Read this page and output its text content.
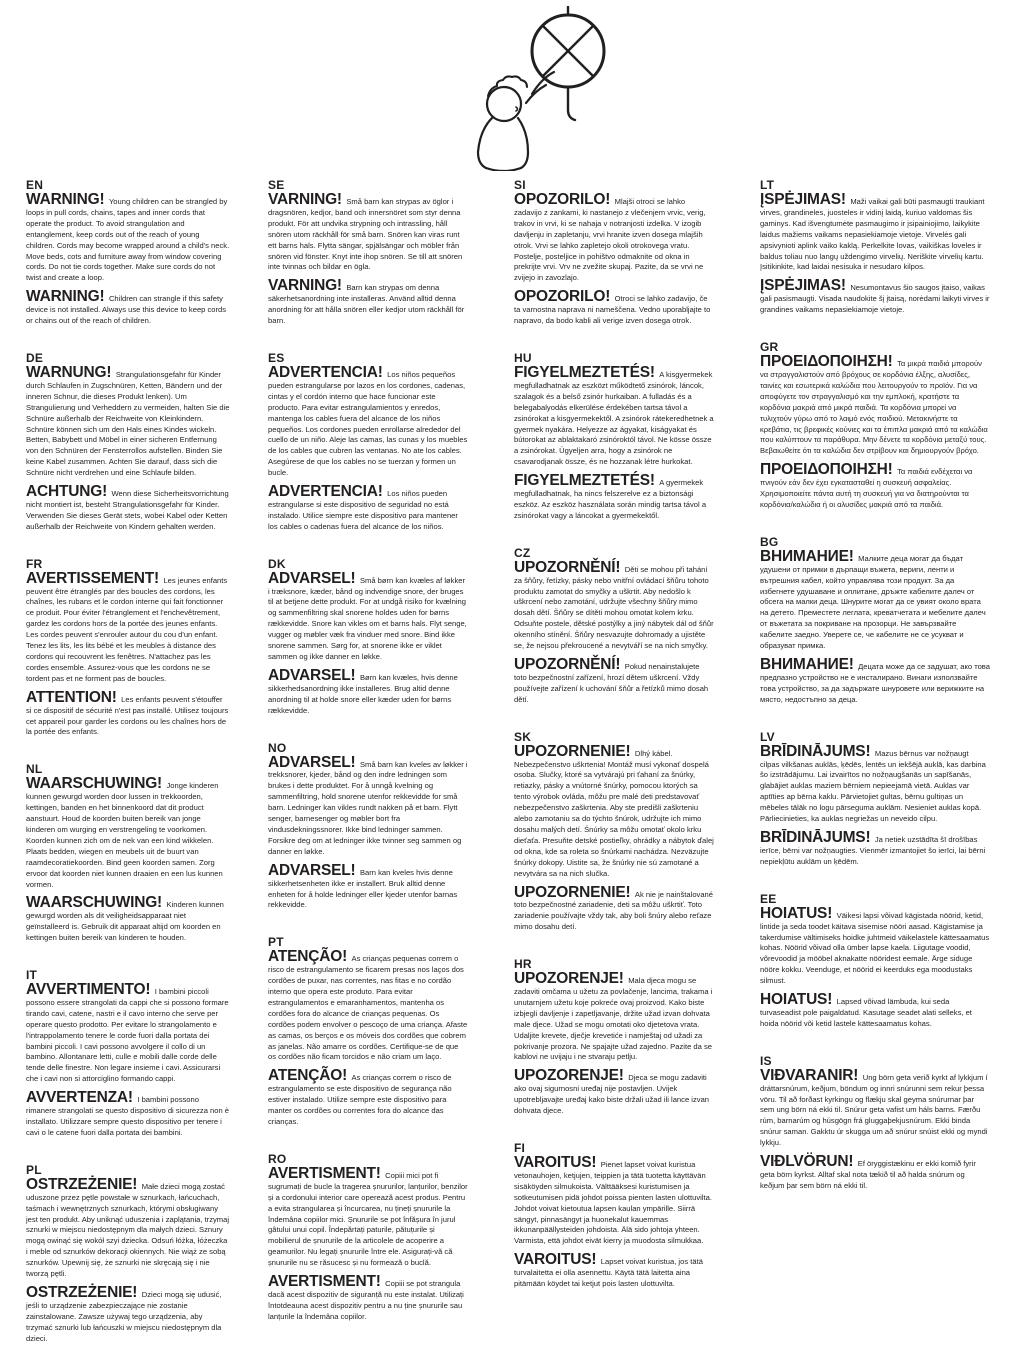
EN

WARNING! Young children can be strangled by loops in pull cords, chains, tapes and inner cords that operate the product. To avoid strangulation and entanglement, keep cords out of the reach of young children. Cords may become wrapped around a child's neck. Move beds, cots and furniture away from window covering cords. Do not tie cords together. Make sure cords do not twist and create a loop.

WARNING! Children can strangle if this safety device is not installed. Always use this device to keep cords or chains out of the reach of children.

DE

WARNUNG! Strangulationsgefahr für Kinder durch Schlaufen in Zugschnüren, Ketten, Bändern und der inneren Schnur, die dieses Produkt lenken). Um Strangulierung und Verheddern zu vermeiden, halten Sie die Schnüre außerhalb der Reichweite von Kleinkindern. Schnüre können sich um den Hals eines Kindes wickeln. Betten, Babybett und Möbel in einer sicheren Entfernung von den Schnüren der Fensterrollos aufstellen. Binden Sie keine Kabel zusammen. Achten Sie darauf, dass sich die Schnüre nicht verdrehen und eine Schlaufe bilden.

ACHTUNG! Wenn diese Sicherheitsvorrichtung nicht montiert ist, besteht Strangulationsgefahr für Kinder. Verwenden Sie dieses Gerät stets, wobei Kabel oder Ketten außerhalb der Reichweite von Kindern gehalten werden.

FR

AVERTISSEMENT! Les jeunes enfants peuvent être étranglés par des boucles des cordons, les chaînes, les rubans et le cordon interne qui fait fonctionner ce produit. Pour éviter l'étranglement et l'enchevêtrement, gardez les cordons hors de la portée des jeunes enfants. Les cordes peuvent s'enrouler autour du cou d'un enfant. Tenez les lits, les lits bébé et les meubles à distance des cordons qui recouvrent les fenêtres. N'attachez pas les cordes ensemble. Assurez-vous que les cordons ne se tordent pas et ne forment pas de boucles.

ATTENTION! Les enfants peuvent s'étouffer si ce dispositif de sécurité n'est pas installé. Utilisez toujours cet appareil pour garder les cordons ou les chaînes hors de la portée des enfants.

NL

WAARSCHUWING! Jonge kinderen kunnen gewurgd worden door lussen in trekkoorden, kettingen, banden en het binnenkoord dat dit product aanstuurt. Houd de koorden buiten bereik van jonge kinderen om wurging en verstrengeling te voorkomen. Koorden kunnen zich om de nek van een kind wikkelen. Plaats bedden, wiegen en meubels uit de buurt van raamdecoratiekoorden. Bind geen koorden samen. Zorg ervoor dat koorden niet kunnen draaien en een lus kunnen vormen.

WAARSCHUWING! Kinderen kunnen gewurgd worden als dit veiligheidsapparaat niet geïnstalleerd is. Gebruik dit apparaat altijd om koorden en kettingen buiten bereik van kinderen te houden.

IT

AVVERTIMENTO! I bambini piccoli possono essere strangolati da cappi che si possono formare tirando cavi, catene, nastri e il cavo interno che serve per operare questo prodotto. Per evitare lo strangolamento e l'intrappolamento tenere le corde fuori dalla portata dei bambini piccoli. I cavi possono avvolgere il collo di un bambino. Allontanare letti, culle e mobili dalle corde delle tende delle finestre. Non legare insieme i cavi. Assicurarsi che i cavi non si attorciglino formando cappi.

AVVERTENZA! I bambini possono rimanere strangolati se questo dispositivo di sicurezza non è installato. Utilizzare sempre questo dispositivo per tenere i cavi o le catene fuori dalla portata dei bambini.

PL

OSTRZEŻENIE! Małe dzieci mogą zostać uduszone przez pętle powstałe w sznurkach, łańcuchach, taśmach i wewnętrznych sznurkach, którymi obsługiwany jest ten produkt. Aby uniknąć uduszenia i zaplątania, trzymaj sznurki w miejscu niedostępnym dla małych dzieci. Sznury mogą owinąć się wokół szyi dziecka. Odsuń łóżka, łóżeczka i meble od sznurków dekoracji okiennych. Nie wiąż ze sobą sznurków. Upewnij się, że sznurki nie skręcają się i nie tworzą pętli.

OSTRZEŻENIE! Dzieci mogą się udusić, jeśli to urządzenie zabezpieczające nie zostanie zainstalowane. Zawsze używaj tego urządzenia, aby trzymać sznurki lub łańcuszki w miejscu niedostępnym dla dzieci.

SE

VARNING! Små barn kan strypas av öglor i dragsnören, kedjor, band och innersnöret som styr denna produkt. För att undvika strypning och intrassling, håll snören utom räckhåll för små barn. Snören kan viras runt ett barns hals. Flytta sängar, spjälsängar och möbler från snören vid fönster. Knyt inte ihop snören. Se till att snören inte tvinnas och bildar en ögla.

VARNING! Barn kan strypas om denna säkerhetsanordning inte installeras. Använd alltid denna anordning för att hålla snören eller kedjor utom räckhåll för barn.

ES

ADVERTENCIA! Los niños pequeños pueden estrangularse por lazos en los cordones, cadenas, cintas y el cordón interno que hace funcionar este producto. Para evitar estrangulamientos y enredos, mantenga los cables fuera del alcance de los niños pequeños. Los cordones pueden enrollarse alrededor del cuello de un niño. Aleje las camas, las cunas y los muebles de los cables que cubren las ventanas. No ate los cables. Asegúrese de que los cables no se tuerzan y formen un bucle.

ADVERTENCIA! Los niños pueden estrangularse si este dispositivo de seguridad no está instalado. Utilice siempre este dispositivo para mantener los cables o cadenas fuera del alcance de los niños.

DK

ADVARSEL! Små børn kan kvæles af løkker i træksnore, kæder, bånd og indvendige snore, der bruges til at betjene dette produkt. For at undgå risiko for kvælning og sammenfiltring skal snorene holdes uden for børns rækkevidde. Snore kan vikles om et barns hals. Flyt senge, vugger og møbler væk fra vinduer med snore. Bind ikke snorene sammen. Sørg for, at snorene ikke er viklet sammen og ikke danner en løkke.

ADVARSEL! Børn kan kvæles, hvis denne sikkerhedsanordning ikke installeres. Brug altid denne anordning til at holde snore eller kæder uden for børns rækkevidde.

NO

ADVARSEL! Små barn kan kveles av løkker i trekksnorer, kjeder, bånd og den indre ledningen som brukes i dette produktet. For å unngå kvelning og sammenfiltring, hold snorene utenfor rekkevidde for små barn. Ledninger kan vikles rundt nakken på et barn. Flytt senger, barnesenger og møbler bort fra vindusdekningssnorer. Ikke bind ledninger sammen. Forsikre deg om at ledninger ikke tvinner seg sammen og danner en løkke.

ADVARSEL! Barn kan kveles hvis denne sikkerhetsenheten ikke er installert. Bruk alltid denne enheten for å holde ledninger eller kjeder utenfor barnas rekkevidde.

PT

ATENÇÃO! As crianças pequenas correm o risco de estrangulamento se ficarem presas nos laços dos cordões de puxar, nas correntes, nas fitas e no cordão interno que opera este produto. Para evitar estrangulamentos e emaranhamentos, mantenha os cordões fora do alcance de crianças pequenas. Os cordões podem envolver o pescoço de uma criança. Afaste as camas, os berços e os móveis dos cordões que cobrem as janelas. Não amarre os cordões. Certifique-se de que os cordões não ficam torcidos e não criam um laço.

ATENÇÃO! As crianças correm o risco de estrangulamento se este dispositivo de segurança não estiver instalado. Utilize sempre este dispositivo para manter os cordões ou correntes fora do alcance das crianças.

RO

AVERTISMENT! Copiii mici pot fi sugrumați de bucle la tragerea șnururilor, lanțurilor, benzilor și a cordonului interior care operează acest produs. Pentru a evita strangularea și încurcarea, nu țineți șnururile la îndemâna copiilor mici. Șnururile se pot înfășura în jurul gâtului unui copil. Îndepărtați paturile, pătuțurile și mobilierul de șnururile de la articolele de acoperire a geamurilor. Nu legați șnururile între ele. Asigurați-vă că șnururile nu se răsucesc și nu formează o buclă.

AVERTISMENT! Copiii se pot strangula dacă acest dispozitiv de siguranță nu este instalat. Utilizați întotdeauna acest dispozitiv pentru a nu ține șnururile sau lanțurile la îndemâna copiilor.

SI

OPOZORILO! Mlajši otroci se lahko zadavijo z zankami, ki nastanejo z vlečenjem vrvic, verig, trakov in vrvi, ki se nahaja v notranjosti izdelka. V izogib davljenju in zapletanju, vrvi hranite izven dosega mlajših otrok. Vrvi se lahko zapletejo okoli otrokovega vratu. Postelje, posteljice in pohištvo odmaknite od okna in prekrijte vrvi. Vrv ne zvežite skupaj. Pazite, da se vrvi ne zvijejo in zavozlajo.

OPOZORILO! Otroci se lahko zadavijo, če ta varnostna naprava ni nameščena. Vedno uporabljajte to napravo, da bodo kabli ali verige izven dosega otrok.

HU

FIGYELMEZTETÉS! A kisgyermekek megfulladhatnak az eszközt működtető zsinórok, láncok, szalagok és a belső zsinór hurkaiban. A fulladás és a belegabalyodás elkerülése érdekében tartsa távol a zsinórokat a kisgyermekektől. A zsinórok rátekeredhetnek a gyermek nyakára. Helyezze az ágyakat, kiságyakat és bútorokat az ablaktakaró zsinóroktól távol. Ne kösse össze a zsinórokat. Ügyeljen arra, hogy a zsinórok ne csavarodjanak össze, és ne hozzanak létre hurkokat.

FIGYELMEZTETÉS! A gyermekek megfulladhatnak, ha nincs felszerelve ez a biztonsági eszköz. Az eszköz használata során mindig tartsa távol a zsinórokat vagy a láncokat a gyermekektől.

CZ

UPOZORNĚNÍ! Děti se mohou při tahání za šňůry, řetízky, pásky nebo vnitřní ovládací šňůru tohoto produktu zamotat do smyčky a uškrtit. Aby nedošlo k uškrcení nebo zamotání, udržujte všechny šňůry mimo dosah dětí. Šňůry se dítěti mohou omotat kolem krku. Odsuňte postele, dětské postýlky a jiný nábytek dál od šňůr okenního stínění. Šňůry nesvazujte dohromady a ujistěte se, že nejsou překroucené a nevytváří se na nich smyčky.

UPOZORNĚNÍ! Pokud nenainstalujete toto bezpečnostní zařízení, hrozí dětem uškrcení. Vždy používejte zařízení k uchování šňůr a řetízků mimo dosah dětí.

SK

UPOZORNENIE! Dlhý kábel. Nebezpečenstvo uškrtenia! Montáž musí vykonať dospelá osoba. Slučky, ktoré sa vytvárajú pri ťahaní za šnúrky, retiazky, pásky a vnútorné šnúrky, pomocou ktorých sa tento výrobok ovláda, môžu pre malé deti predstavovať nebezpečenstvo zaškrtenia. Aby ste predišli zaškrteniu alebo zamotaniu sa do týchto šnúrok, udržujte ich mimo dosahu malých detí. Šnúrky sa môžu omotať okolo krku dieťaťa. Presuňte detské postieľky, ohrádky a nábytok ďalej od okna, kde sa roleta so šnúrkami nachádza. Nezväzujte šnúrky dokopy. Uistite sa, že šnúrky nie sú zamotané a nevytvára sa na nich slučka.

UPOZORNENIE! Ak nie je nainštalované toto bezpečnostné zariadenie, deti sa môžu uškrtiť. Toto zariadenie používajte vždy tak, aby boli šnúry alebo reťaze mimo dosahu detí.

HR

UPOZORENJE! Mala djeca mogu se zadaviti omčama u užetu za povlačenje, lancima, trakama i unutarnjem užetu koje pokreće ovaj proizvod. Kako biste izbjegli davljenje i zapetljavanje, držite užad izvan dohvata male djece. Užad se mogu omotati oko djetetova vrata. Udaljite krevete, dječje krevetiće i namještaj od užadi za pokrivanje prozora. Ne spajajte užad zajedno. Pazite da se kablovi ne uvijaju i ne stvaraju petlju.

UPOZORENJE! Djeca se mogu zadaviti ako ovaj sigurnosni uređaj nije postavljen. Uvijek upotrebljavajte uređaj kako biste držali užad ili lance izvan dohvata djece.

FI

VAROITUS! Pienet lapset voivat kuristua vetonauhojen, ketjujen, teippien ja tätä tuotetta käyttävän sisäköyden silmukoista. Välttääksesi kuristumisen ja sotkeutumisen pidä johdot poissa pienten lasten ulottuvilta. Johdot voivat kietoutua lapsen kaulan ympärille. Siirrä sängyt, pinnasängyt ja huonekalut kauemmas ikkunanpäällysteiden johdoista. Älä sido johtoja yhteen. Varmista, että johdot eivät kierry ja muodosta silmukkaa.

VAROITUS! Lapset voivat kuristua, jos tätä turvalaitetta ei olla asennettu. Käytä tätä laitetta aina pitämään köydet tai ketjut pois lasten ulottuvilta.

LT

ĮSPĖJIMAS! Maži vaikai gali būti pasmaugti traukiant virves, grandineles, juosteles ir vidinį laidą, kuriuo valdomas šis gaminys. Kad išvengtumėte pasmaugimo ir įsipainiojimo, laikykite laidus mažiems vaikams nepasiekiamoje vietoje. Virvelės gali apsivynioti aplink vaiko kaklą. Perkelkite lovas, vaikiškas loveles ir baldus toliau nuo langų uždengimo virvelių. Neriškite virvelių kartu. Įsitikinkite, kad laidai nesisuka ir nesudaro kilpos.

ĮSPĖJIMAS! Nesumontavus šio saugos įtaiso, vaikas gali pasismaugti. Visada naudokite šį įtaisą, norėdami laikyti virves ir grandines vaikams nepasiekiamoje vietoje.

GR

ΠΡΟΕΙΔΟΠΟΙΗΣΗ! Τα μικρά παιδιά μπορούν να στραγγαλιστούν από βρόχους σε κορδόνια έλξης, αλυσίδες, ταινίες και εσωτερικά καλώδια που λειτουργούν το προϊόν. Για να αποφύγετε τον στραγγαλισμό και την εμπλοκή, κρατήστε τα κορδόνια μακριά από μικρά παιδιά. Τα κορδόνια μπορεί να τυλιχτούν γύρω από το λαιμό ενός παιδιού. Μετακινήστε τα κρεβάτια, τις βρεφικές κούνιες και τα έπιπλα μακριά από τα καλώδια που καλύπτουν τα παράθυρα. Μην δένετε τα κορδόνια μεταξύ τους. Βεβαιωθείτε ότι τα καλώδια δεν στρίβουν και δημιουργούν βρόχο.

ΠΡΟΕΙΔΟΠΟΙΗΣΗ! Τα παιδιά ενδέχεται να πνιγούν εάν δεν έχει εγκατασταθεί η συσκευή ασφαλείας. Χρησιμοποιείτε πάντα αυτή τη συσκευή για να διατηρούνται τα κορδόνια/καλώδια ή οι αλυσίδες μακριά από τα παιδιά.

BG

ВНИМАНИЕ! Малките деца могат да бъдат удушени от примки в дърпащи въжета, вериги, ленти и вътрешния кабел, който управлява този продукт. За да избегнете удушаване и оплитане, дръжте кабелите далеч от обсега на малки деца. Шнурите могат да се увият около врата на детето. Преместете леглата, креватчетата и мебелите далеч от въжетата за покриване на прозорци. Не завързвайте кабелите заедно. Уверете се, че кабелите не се усукват и образуват примка.

ВНИМАНИЕ! Децата може да се задушат, ако това предпазно устройство не е инсталирано. Винаги използвайте това устройство, за да задържате шнуровете или верижките на място, недостъпно за деца.

LV

BRĪDINĀJUMS! Mazus bērnus var nožņaugt cilpas vilkšanas auklās, ķēdēs, lentēs un iekšējā auklā, kas darbina šo izstrādājumu. Lai izvairītos no nožņaugšanās un sapīšanās, glabājiet auklas maziem bērniem nepieejamā vietā. Auklas var aptīties ap bērna kaklu. Pārvietojiet gultas, bērnu gultiņas un mēbeles tālāk no logu pārseguma auklām. Nesieniet auklas kopā. Pārliecinieties, ka auklas negriežas un neveido cilpu.

BRĪDINĀJUMS! Ja netiek uzstādīta šī drošības ierīce, bērni var nožņaugties. Vienmēr izmantojiet šo ierīci, lai bērni nepiekļūtu auklām un ķēdēm.

EE

HOIATUS! Väikesi lapsi võivad kägistada nöörid, ketid, lintide ja seda toodet käitava sisemise nööri aasad. Kägistamise ja takerdumise vältimiseks hoidke juhtmeid väikelastele kättesaamatus kohas. Nöörid võivad olla ümber lapse kaela. Liigutage voodid, võrevoodid ja mööbel aknakatte nööridest eemale. Ärge siduge nööre kokku. Veenduge, et nöörid ei keerduks ega moodustaks silmust.

HOIATUS! Lapsed võivad lämbuda, kui seda turvaseadist pole paigaldatud. Kasutage seadet alati selleks, et hoida nöörid või ketid lastele kättesaamatus kohas.

IS

VIÐVARANIR! Ung börn geta verið kyrkt af lykkjum í dráttarsnúrum, keðjum, böndum og innri snúrunni sem rekur þessa vöru. Til að forðast kyrkingu og flækju skal geyma snúrurnar þar sem ung börn ná ekki til. Snúrur geta vafist um háls barns. Færðu rúm, barnarúm og húsgögn frá gluggaþekjusnúrum. Ekki binda snúrur saman. Gakktu úr skugga um að snúrur snúist ekki og myndi lykkju.

VIÐLVÖRUN! Ef öryggistækinu er ekki komið fyrir geta börn kyrkst. Alltaf skal nota tækið til að halda snúrum og keðjum þar sem börn ná ekki til.
